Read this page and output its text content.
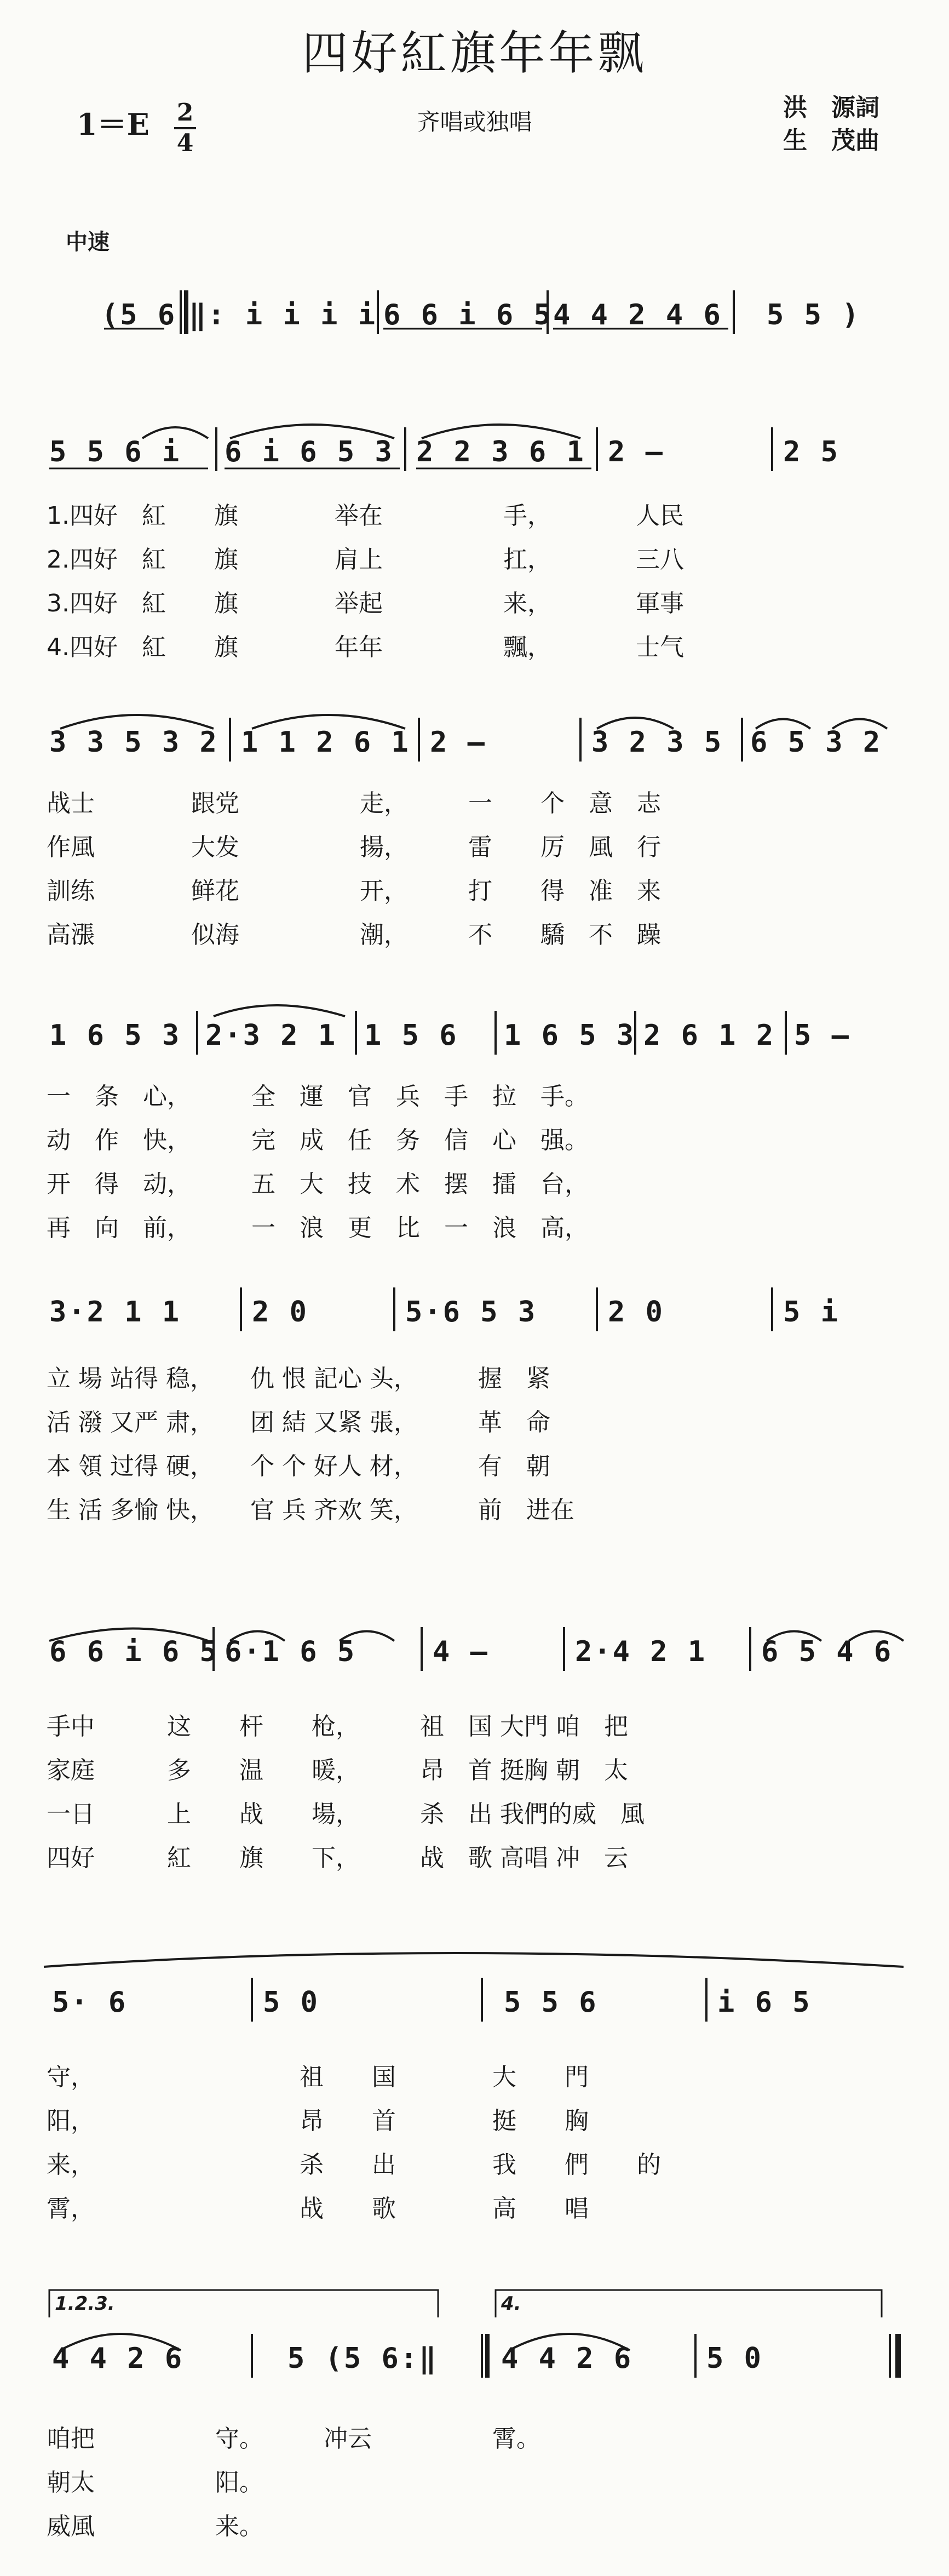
四好紅旗年年飘
1＝E 2
4
齐唱或独唱
洪　源詞
生　茂曲
中速
(5 6 ‖: i i i i 6 6 i 6 5 4 4 2 4 6 5 5 )
5 5 6 i 6 i 6 5 3 2 2 3 6 1 2 —	2 5
1.四好　紅　　旗　　　　举在　　　　　手，　　　　人民
2.四好　紅　　旗　　　　肩上　　　　　扛，　　　　三八
3.四好　紅　　旗　　　　举起　　　　　来，　　　　軍事
4.四好　紅　　旗　　　　年年　　　　　飄，　　　　士气
3 3 5 3 2 1 1 2 6 1 2 —	3 2 3 5 6 5 3 2
战士　　　　跟党　　　　　走，　　　一　　个　意　志
作風　　　　大发　　　　　揚，　　　雷　　厉　風　行
訓练　　　　鲜花　　　　　开，　　　打　　得　准　来
高漲　　　　似海　　　　　潮，　　　不　　驕　不　躁
1 6 5 3 2·3 2 1 1 5 6 1 6 5 3 2 6 1 2 5 —
一　条　心，　　　全　運　官　兵　手　拉　手。
动　作　快，　　　完　成　任　务　信　心　强。
开　得　动，　　　五　大　技　术　摆　擂　台，
再　向　前，　　　一　浪　更　比　一　浪　高，
3·2 1 1 2 0	5·6 5 3 2 0	5 i
立 場 站得 稳，　　仇 恨 記心 头，　　　握　紧
活 潑 又严 肃，　　团 結 又紧 張，　　　革　命
本 領 过得 硬，　　个 个 好人 材，　　　有　朝
生 活 多愉 快，　　官 兵 齐欢 笑，　　　前　进在
6 6 i 6 5 6·1 6 5	4 —	2·4 2 1 6 5 4 6
手中　　　这　　杆　　枪，　　　祖　国 大門 咱　把
家庭　　　多　　温　　暖，　　　昂　首 挺胸 朝　太
一日　　　上　　战　　場，　　　杀　出 我們的威　風
四好　　　紅　　旗　　下，　　　战　歌 高唱 冲　云
5· 6	5 0	5 5 6	i 6 5
守，　　　　　　　　　祖　　国　　　　大　　門
阳，　　　　　　　　　昂　　首　　　　挺　　胸
来，　　　　　　　　　杀　　出　　　　我　　們　　的
霄，　　　　　　　　　战　　歌　　　　高　　唱
1.2.3.	4.
4 4 2 6	5 (5 6:‖ 4 4 2 6	5 0
咱把　　　　　守。　　　冲云　　　　　霄。
朝太　　　　　阳。
威風　　　　　来。
